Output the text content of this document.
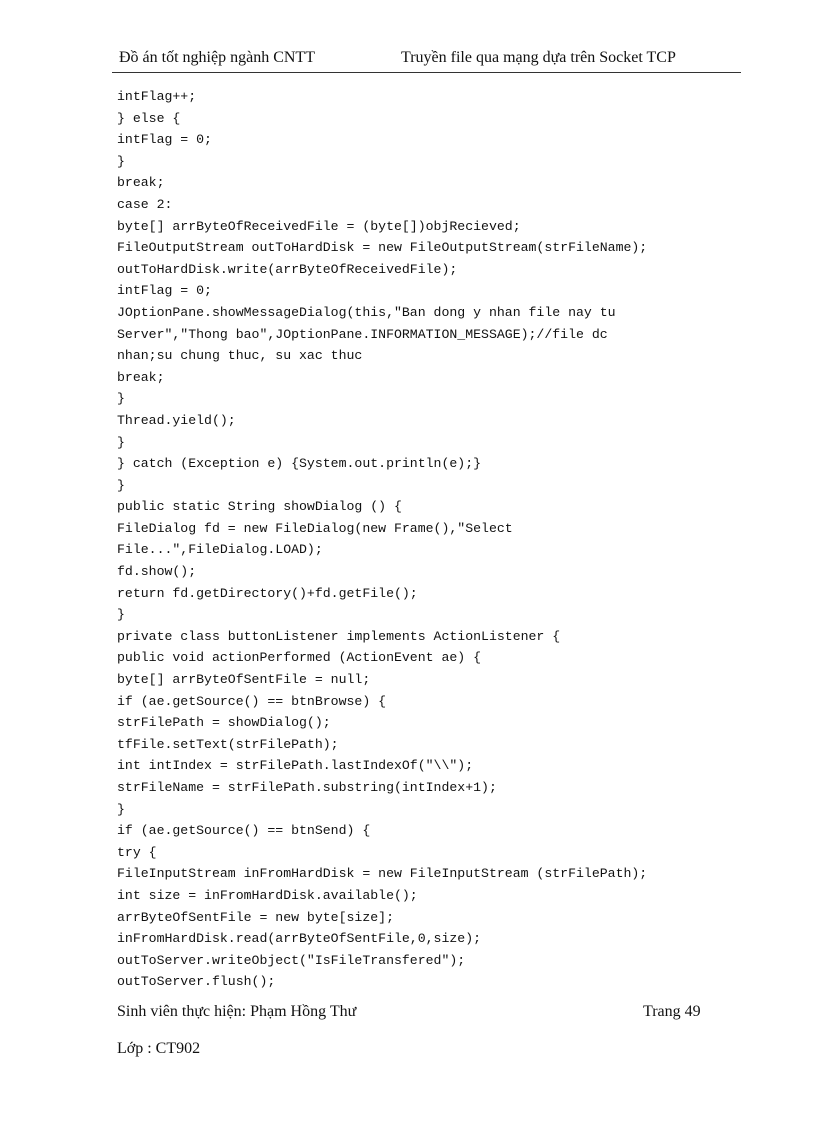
Đồ án tốt nghiệp ngành CNTT	Truyền file qua mạng dựa trên Socket TCP
intFlag++;
} else {
intFlag = 0;
}
break;
case 2:
byte[] arrByteOfReceivedFile = (byte[])objRecieved;
FileOutputStream outToHardDisk = new FileOutputStream(strFileName);
outToHardDisk.write(arrByteOfReceivedFile);
intFlag = 0;
JOptionPane.showMessageDialog(this,"Ban dong y nhan file nay tu
Server","Thong bao",JOptionPane.INFORMATION_MESSAGE);//file dc
nhan;su chung thuc, su xac thuc
break;
}
Thread.yield();
}
} catch (Exception e) {System.out.println(e);}
}
public static String showDialog () {
FileDialog fd = new FileDialog(new Frame(),"Select
File...",FileDialog.LOAD);
fd.show();
return fd.getDirectory()+fd.getFile();
}
private class buttonListener implements ActionListener {
public void actionPerformed (ActionEvent ae) {
byte[] arrByteOfSentFile = null;
if (ae.getSource() == btnBrowse) {
strFilePath = showDialog();
tfFile.setText(strFilePath);
int intIndex = strFilePath.lastIndexOf("\\");
strFileName = strFilePath.substring(intIndex+1);
}
if (ae.getSource() == btnSend) {
try {
FileInputStream inFromHardDisk = new FileInputStream (strFilePath);
int size = inFromHardDisk.available();
arrByteOfSentFile = new byte[size];
inFromHardDisk.read(arrByteOfSentFile,0,size);
outToServer.writeObject("IsFileTransfered");
outToServer.flush();
Sinh viên thực hiện: Phạm Hồng Thư	Trang 49
Lớp : CT902
